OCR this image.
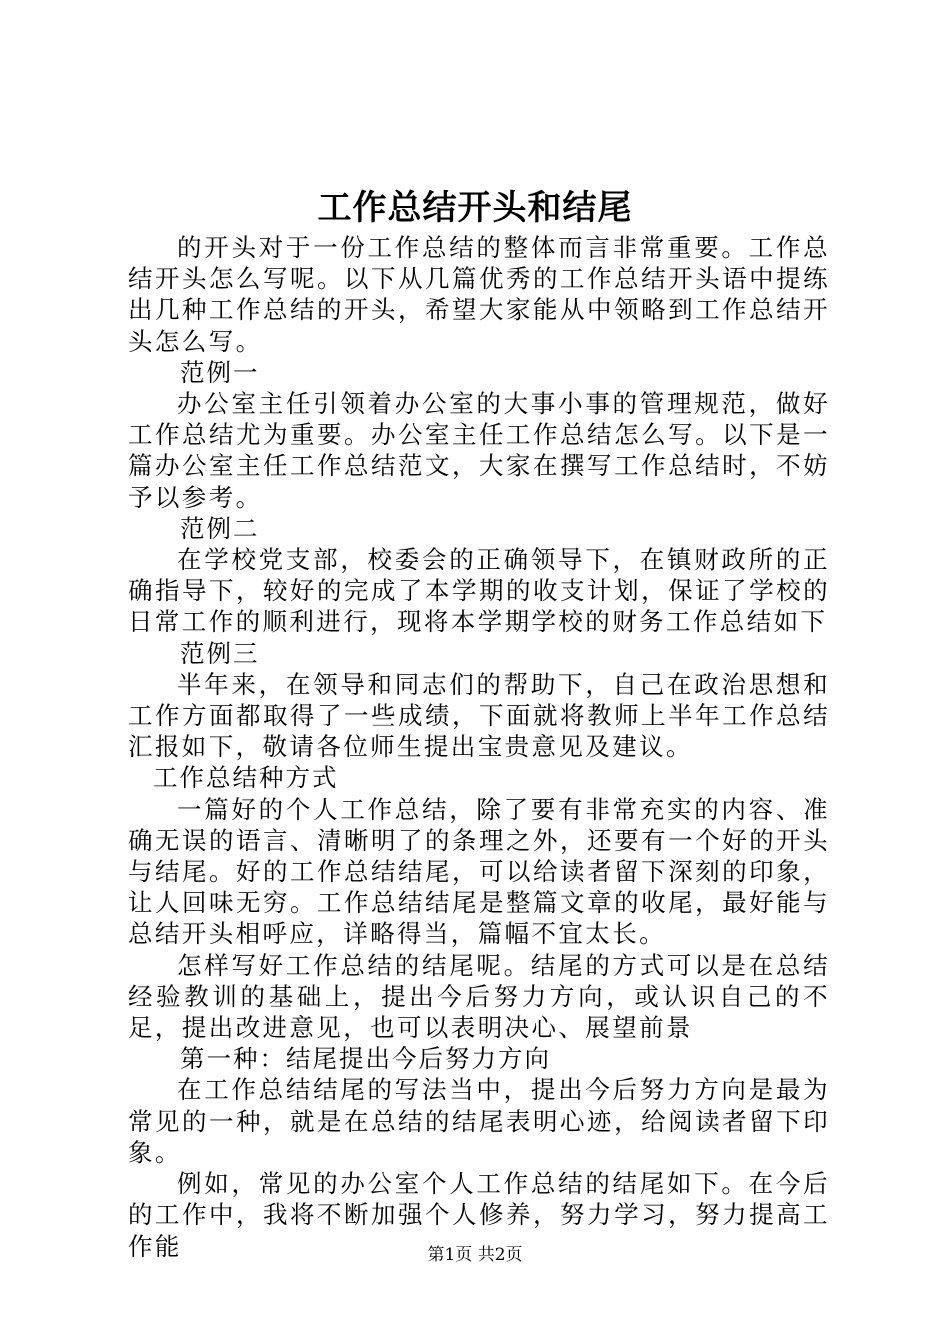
工作总结开头和结尾

的开头对于一份工作总结的整体而言非常重要。工作总结开头怎么写呢。以下从几篇优秀的工作总结开头语中提练出几种工作总结的开头，希望大家能从中领略到工作总结开头怎么写。

范例一

办公室主任引领着办公室的大事小事的管理规范，做好工作总结尤为重要。办公室主任工作总结怎么写。以下是一篇办公室主任工作总结范文，大家在撰写工作总结时，不妨予以参考。

范例二

在学校党支部，校委会的正确领导下，在镇财政所的正确指导下，较好的完成了本学期的收支计划，保证了学校的日常工作的顺利进行，现将本学期学校的财务工作总结如下

范例三

半年来，在领导和同志们的帮助下，自己在政治思想和工作方面都取得了一些成绩，下面就将教师上半年工作总结汇报如下，敬请各位师生提出宝贵意见及建议。

工作总结种方式

一篇好的个人工作总结，除了要有非常充实的内容、准确无误的语言、清晰明了的条理之外，还要有一个好的开头与结尾。好的工作总结结尾，可以给读者留下深刻的印象，让人回味无穷。工作总结结尾是整篇文章的收尾，最好能与总结开头相呼应，详略得当，篇幅不宜太长。

怎样写好工作总结的结尾呢。结尾的方式可以是在总结经验教训的基础上，提出今后努力方向，或认识自己的不足，提出改进意见，也可以表明决心、展望前景

第一种：结尾提出今后努力方向

在工作总结结尾的写法当中，提出今后努力方向是最为常见的一种，就是在总结的结尾表明心迹，给阅读者留下印象。

例如，常见的办公室个人工作总结的结尾如下。在今后的工作中，我将不断加强个人修养，努力学习，努力提高工作能	第1页 共2页
